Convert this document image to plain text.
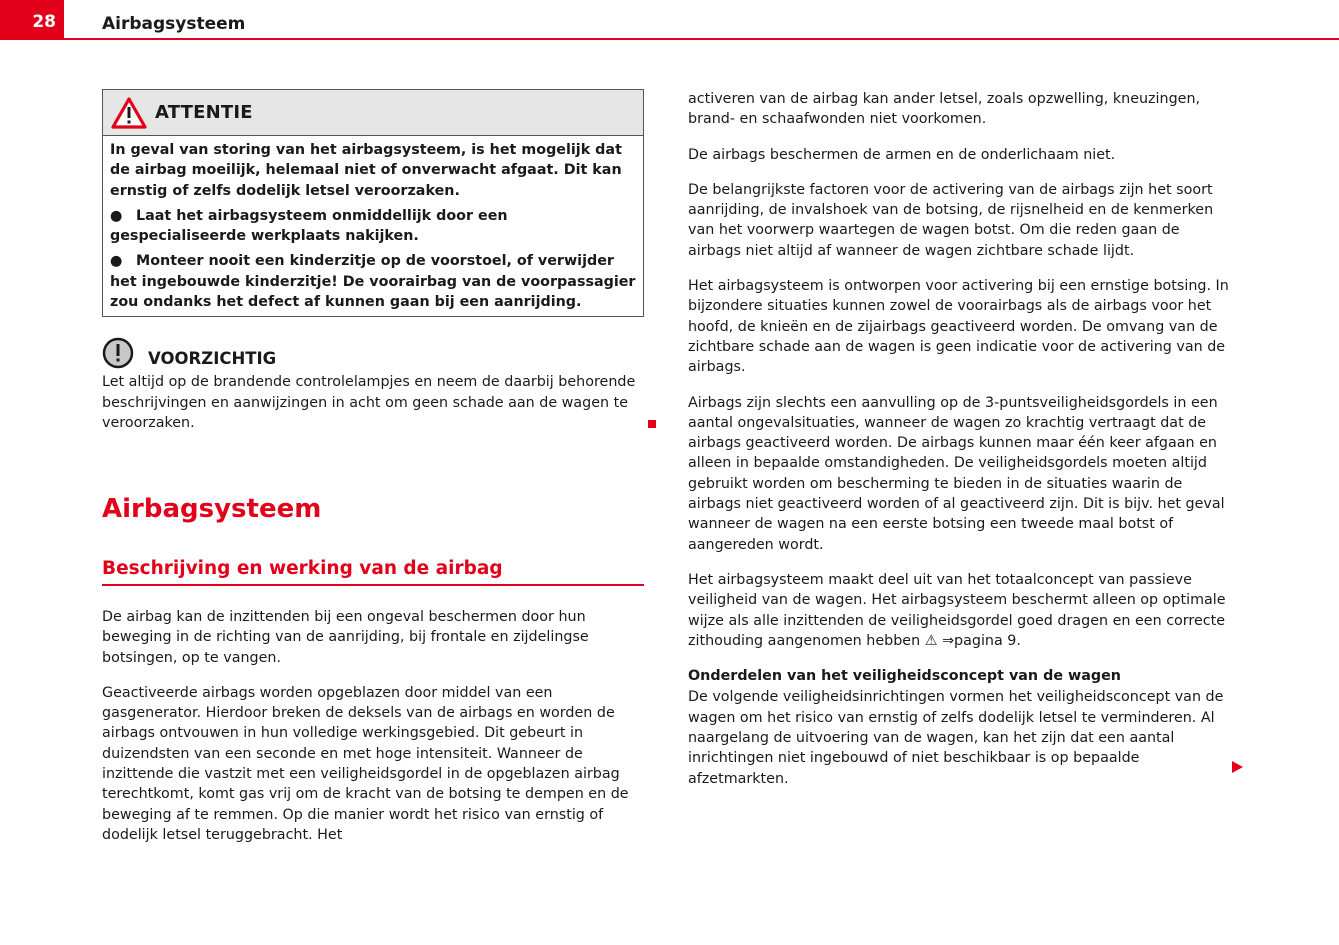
28	Airbagsysteem
ATTENTIE

In geval van storing van het airbagsysteem, is het mogelijk dat de airbag moeilijk, helemaal niet of onverwacht afgaat. Dit kan ernstig of zelfs dodelijk letsel veroorzaken.

● Laat het airbagsysteem onmiddellijk door een gespecialiseerde werkplaats nakijken.

● Monteer nooit een kinderzitje op de voorstoel, of verwijder het ingebouwde kinderzitje! De voorairbag van de voorpassagier zou ondanks het defect af kunnen gaan bij een aanrijding.

VOORZICHTIG
Let altijd op de brandende controlelampjes en neem de daarbij behorende beschrijvingen en aanwijzingen in acht om geen schade aan de wagen te veroorzaken.
Airbagsysteem
Beschrijving en werking van de airbag

De airbag kan de inzittenden bij een ongeval beschermen door hun beweging in de richting van de aanrijding, bij frontale en zijdelingse botsingen, op te vangen.

Geactiveerde airbags worden opgeblazen door middel van een gasgenerator. Hierdoor breken de deksels van de airbags en worden de airbags ontvouwen in hun volledige werkingsgebied. Dit gebeurt in duizendsten van een seconde en met hoge intensiteit. Wanneer de inzittende die vastzit met een veiligheidsgordel in de opgeblazen airbag terechtkomt, komt gas vrij om de kracht van de botsing te dempen en de beweging af te remmen. Op die manier wordt het risico van ernstig of dodelijk letsel teruggebracht. Het

activeren van de airbag kan ander letsel, zoals opzwelling, kneuzingen, brand- en schaafwonden niet voorkomen.

De airbags beschermen de armen en de onderlichaam niet.

De belangrijkste factoren voor de activering van de airbags zijn het soort aanrijding, de invalshoek van de botsing, de rijsnelheid en de kenmerken van het voorwerp waartegen de wagen botst. Om die reden gaan de airbags niet altijd af wanneer de wagen zichtbare schade lijdt.

Het airbagsysteem is ontworpen voor activering bij een ernstige botsing. In bijzondere situaties kunnen zowel de voorairbags als de airbags voor het hoofd, de knieën en de zijairbags geactiveerd worden. De omvang van de zichtbare schade aan de wagen is geen indicatie voor de activering van de airbags.

Airbags zijn slechts een aanvulling op de 3-puntsveiligheidsgordels in een aantal ongevalsituaties, wanneer de wagen zo krachtig vertraagt dat de airbags geactiveerd worden. De airbags kunnen maar één keer afgaan en alleen in bepaalde omstandigheden. De veiligheidsgordels moeten altijd gebruikt worden om bescherming te bieden in de situaties waarin de airbags niet geactiveerd worden of al geactiveerd zijn. Dit is bijv. het geval wanneer de wagen na een eerste botsing een tweede maal botst of aangereden wordt.

Het airbagsysteem maakt deel uit van het totaalconcept van passieve veiligheid van de wagen. Het airbagsysteem beschermt alleen op optimale wijze als alle inzittenden de veiligheidsgordel goed dragen en een correcte zithouding aangenomen hebben ⚠ ⇒pagina 9.

Onderdelen van het veiligheidsconcept van de wagen

De volgende veiligheidsinrichtingen vormen het veiligheidsconcept van de wagen om het risico van ernstig of zelfs dodelijk letsel te verminderen. Al naargelang de uitvoering van de wagen, kan het zijn dat een aantal inrichtingen niet ingebouwd of niet beschikbaar is op bepaalde afzetmarkten.
